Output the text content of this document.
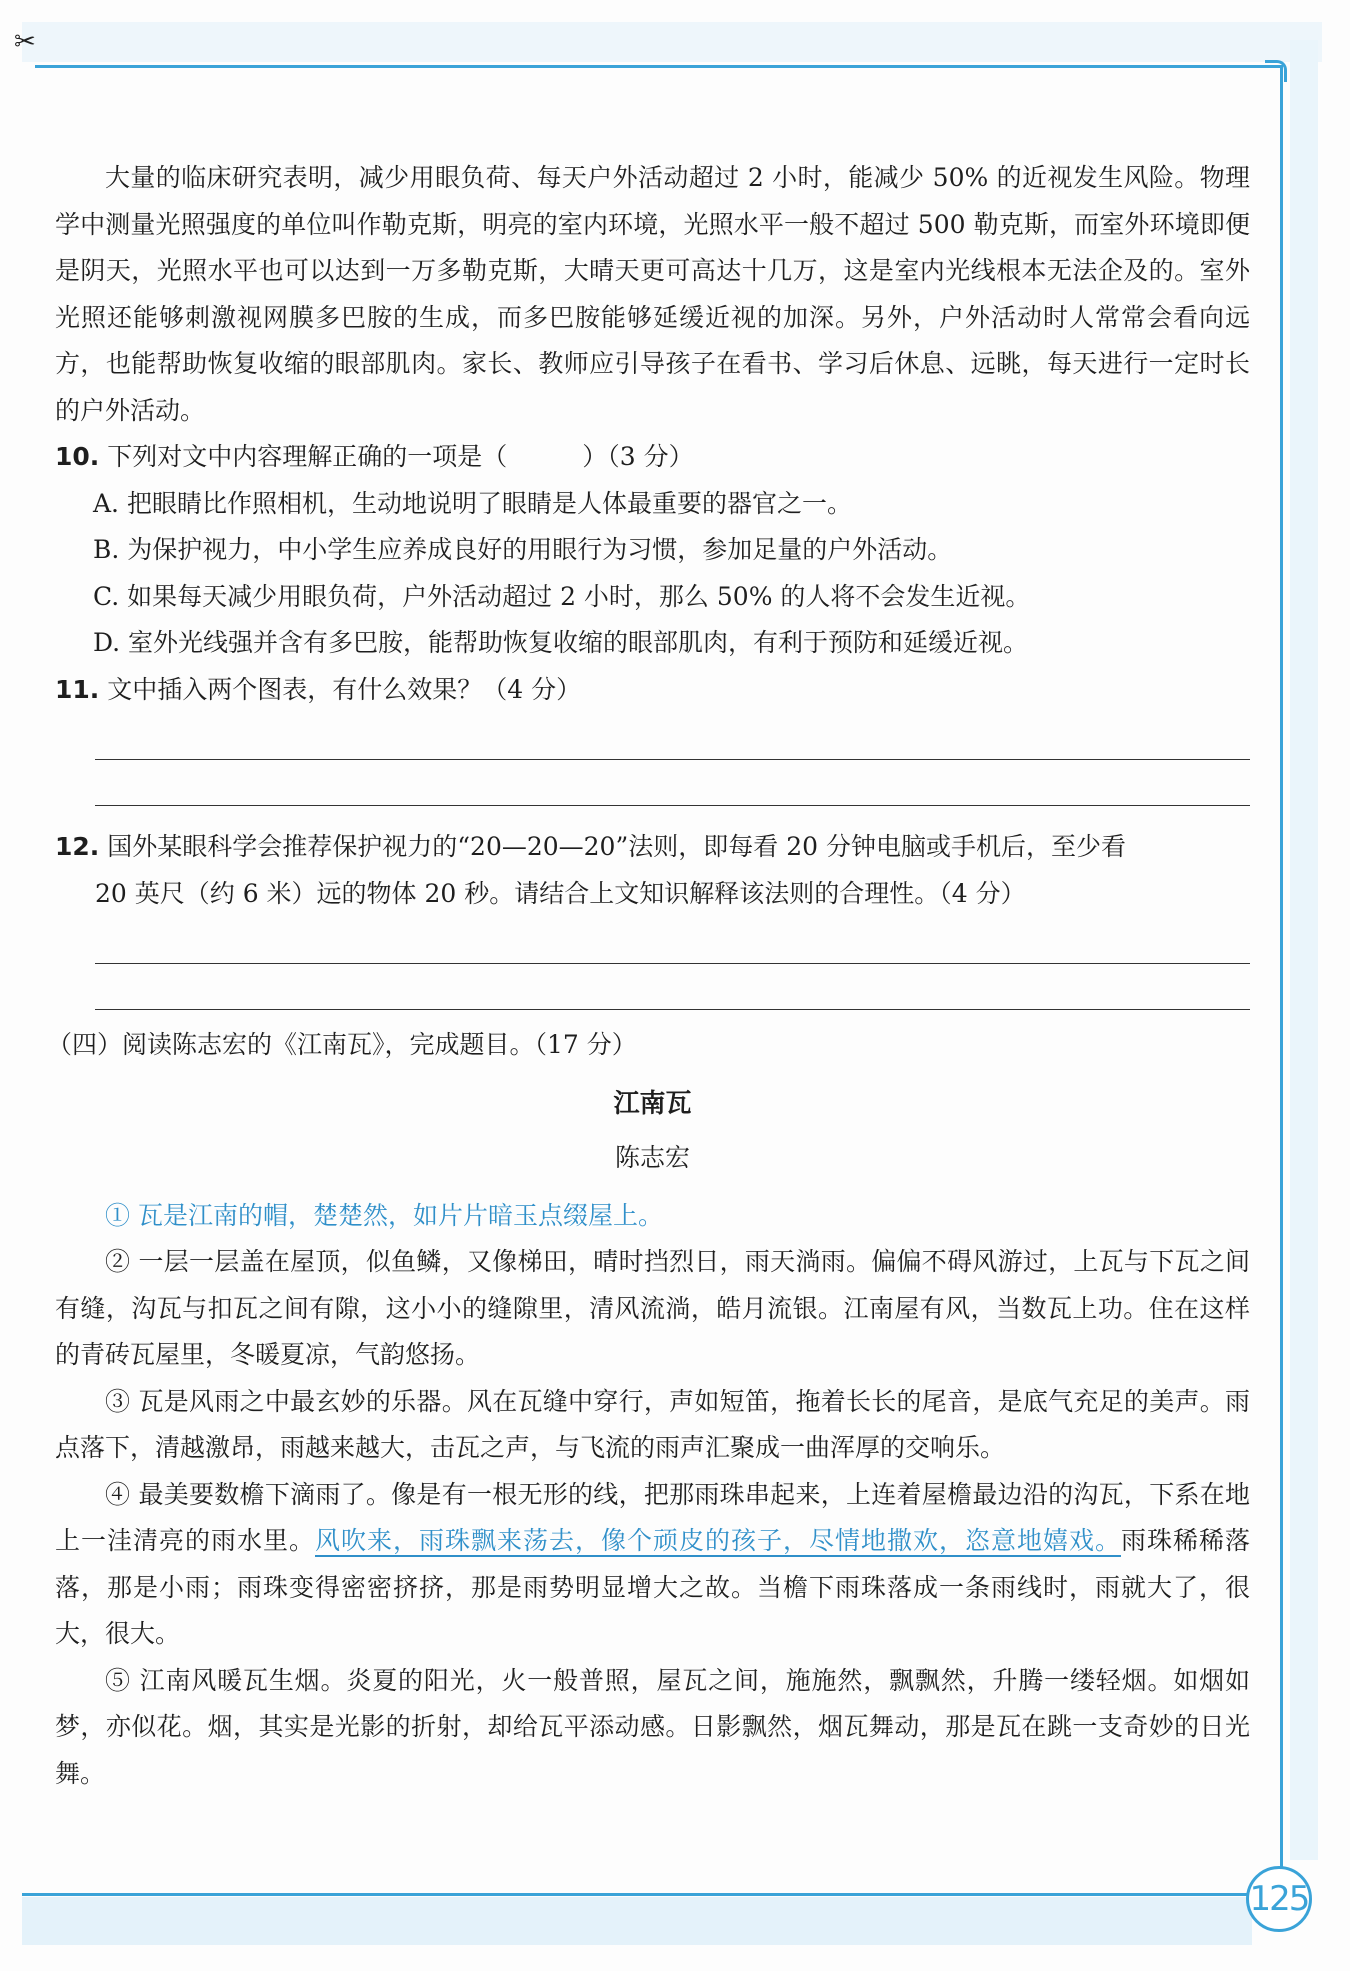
✂
125

大量的临床研究表明，减少用眼负荷、每天户外活动超过 2 小时，能减少 50% 的近视发生风险。物理学中测量光照强度的单位叫作勒克斯，明亮的室内环境，光照水平一般不超过 500 勒克斯，而室外环境即便是阴天，光照水平也可以达到一万多勒克斯，大晴天更可高达十几万，这是室内光线根本无法企及的。室外光照还能够刺激视网膜多巴胺的生成，而多巴胺能够延缓近视的加深。另外，户外活动时人常常会看向远方，也能帮助恢复收缩的眼部肌肉。家长、教师应引导孩子在看书、学习后休息、远眺，每天进行一定时长的户外活动。

10. 下列对文中内容理解正确的一项是（　　　）（3 分）

A. 把眼睛比作照相机，生动地说明了眼睛是人体最重要的器官之一。

B. 为保护视力，中小学生应养成良好的用眼行为习惯，参加足量的户外活动。

C. 如果每天减少用眼负荷，户外活动超过 2 小时，那么 50% 的人将不会发生近视。

D. 室外光线强并含有多巴胺，能帮助恢复收缩的眼部肌肉，有利于预防和延缓近视。

11. 文中插入两个图表，有什么效果？（4 分）

12. 国外某眼科学会推荐保护视力的“20—20—20”法则，即每看 20 分钟电脑或手机后，至少看

20 英尺（约 6 米）远的物体 20 秒。请结合上文知识解释该法则的合理性。（4 分）

（四）阅读陈志宏的《江南瓦》，完成题目。（17 分）

江南瓦

陈志宏

① 瓦是江南的帽，楚楚然，如片片暗玉点缀屋上。

② 一层一层盖在屋顶，似鱼鳞，又像梯田，晴时挡烈日，雨天淌雨。偏偏不碍风游过，上瓦与下瓦之间有缝，沟瓦与扣瓦之间有隙，这小小的缝隙里，清风流淌，皓月流银。江南屋有风，当数瓦上功。住在这样的青砖瓦屋里，冬暖夏凉，气韵悠扬。

③ 瓦是风雨之中最玄妙的乐器。风在瓦缝中穿行，声如短笛，拖着长长的尾音，是底气充足的美声。雨点落下，清越激昂，雨越来越大，击瓦之声，与飞流的雨声汇聚成一曲浑厚的交响乐。

④ 最美要数檐下滴雨了。像是有一根无形的线，把那雨珠串起来，上连着屋檐最边沿的沟瓦，下系在地上一洼清亮的雨水里。风吹来，雨珠飘来荡去，像个顽皮的孩子，尽情地撒欢，恣意地嬉戏。雨珠稀稀落落，那是小雨；雨珠变得密密挤挤，那是雨势明显增大之故。当檐下雨珠落成一条雨线时，雨就大了，很大，很大。

⑤ 江南风暖瓦生烟。炎夏的阳光，火一般普照，屋瓦之间，施施然，飘飘然，升腾一缕轻烟。如烟如梦，亦似花。烟，其实是光影的折射，却给瓦平添动感。日影飘然，烟瓦舞动，那是瓦在跳一支奇妙的日光舞。
